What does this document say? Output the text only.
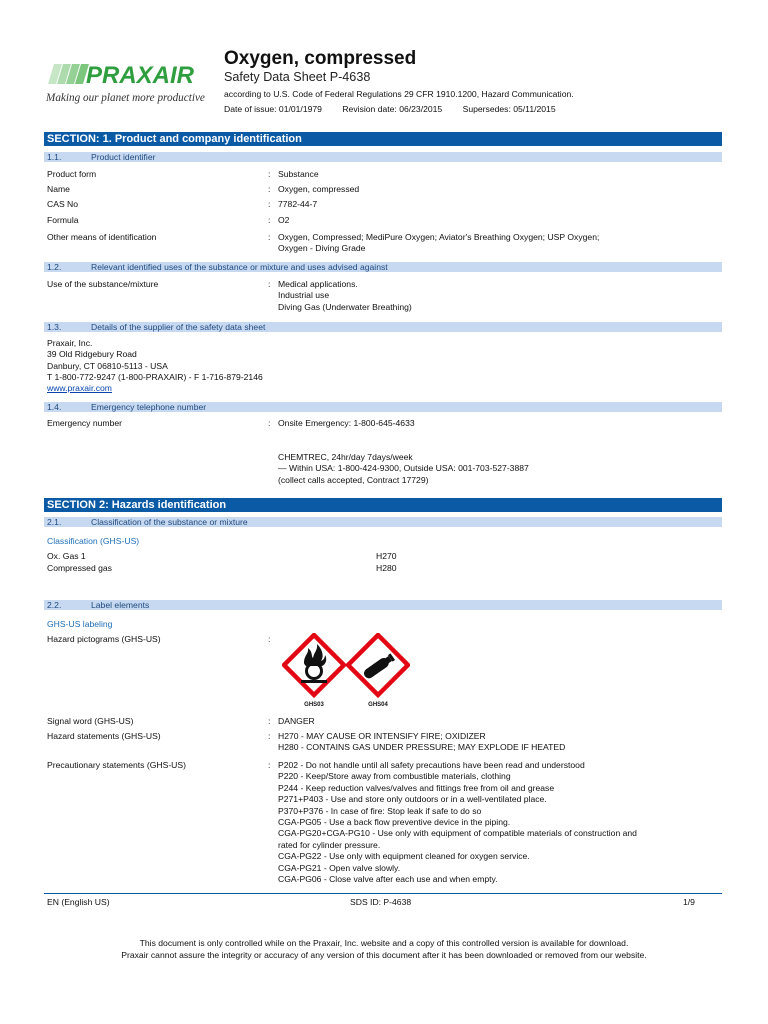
PRAXAIR
Making our planet more productive
Oxygen, compressed
Safety Data Sheet P-4638
according to U.S. Code of Federal Regulations 29 CFR 1910.1200, Hazard Communication.
Date of issue: 01/01/1979 Revision date: 06/23/2015 Supersedes: 05/11/2015
SECTION: 1. Product and company identification
1.1.	Product identifier
Product form	: Substance
Name	: Oxygen, compressed
CAS No	: 7782-44-7
Formula	: O2
Other means of identification	: Oxygen, Compressed; MediPure Oxygen; Aviator's Breathing Oxygen; USP Oxygen;
Oxygen - Diving Grade
1.2.	Relevant identified uses of the substance or mixture and uses advised against
Use of the substance/mixture	: Medical applications.
Industrial use
Diving Gas (Underwater Breathing)
1.3.	Details of the supplier of the safety data sheet
Praxair, Inc.
39 Old Ridgebury Road
Danbury, CT 06810-5113 - USA
T 1-800-772-9247 (1-800-PRAXAIR) - F 1-716-879-2146
www.praxair.com
1.4.	Emergency telephone number
Emergency number	: Onsite Emergency: 1-800-645-4633
CHEMTREC, 24hr/day 7days/week
— Within USA: 1-800-424-9300, Outside USA: 001-703-527-3887
(collect calls accepted, Contract 17729)
SECTION 2: Hazards identification
2.1.	Classification of the substance or mixture
Classification (GHS-US)
Ox. Gas 1	H270
Compressed gas	H280
2.2.	Label elements
GHS-US labeling
Hazard pictograms (GHS-US)	:
GHS03	GHS04
Signal word (GHS-US)	: DANGER
Hazard statements (GHS-US)	: H270 - MAY CAUSE OR INTENSIFY FIRE; OXIDIZER
H280 - CONTAINS GAS UNDER PRESSURE; MAY EXPLODE IF HEATED
Precautionary statements (GHS-US)	: P202 - Do not handle until all safety precautions have been read and understood
P220 - Keep/Store away from combustible materials, clothing
P244 - Keep reduction valves/valves and fittings free from oil and grease
P271+P403 - Use and store only outdoors or in a well-ventilated place.
P370+P376 - In case of fire: Stop leak if safe to do so
CGA-PG05 - Use a back flow preventive device in the piping.
CGA-PG20+CGA-PG10 - Use only with equipment of compatible materials of construction and
rated for cylinder pressure.
CGA-PG22 - Use only with equipment cleaned for oxygen service.
CGA-PG21 - Open valve slowly.
CGA-PG06 - Close valve after each use and when empty.
EN (English US)	SDS ID: P-4638	1/9
This document is only controlled while on the Praxair, Inc. website and a copy of this controlled version is available for download.
Praxair cannot assure the integrity or accuracy of any version of this document after it has been downloaded or removed from our website.
